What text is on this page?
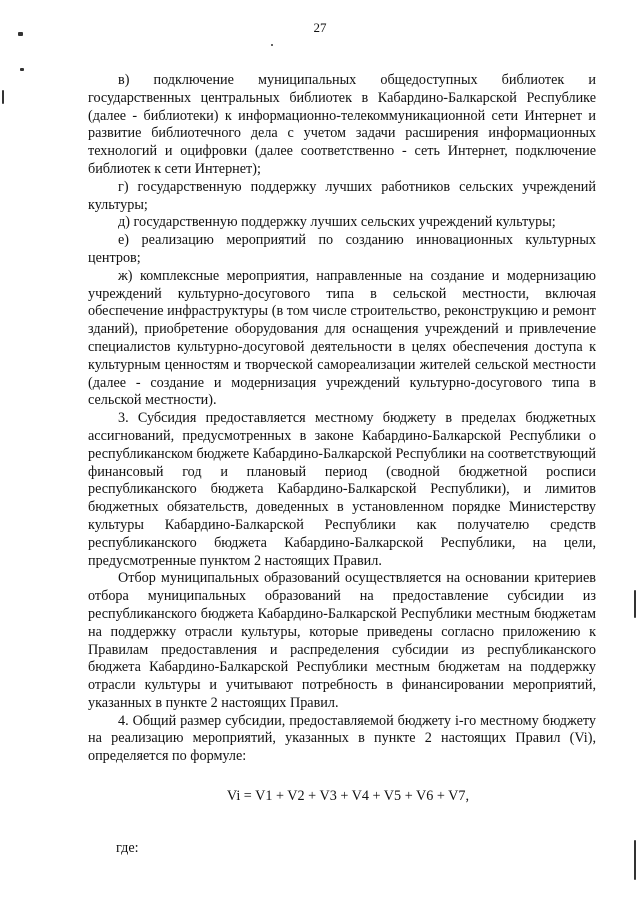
27

в) подключение муниципальных общедоступных библиотек и государственных центральных библиотек в Кабардино-Балкарской Республике (далее - библиотеки) к информационно-телекоммуникационной сети Интернет и развитие библиотечного дела с учетом задачи расширения информационных технологий и оцифровки (далее соответственно - сеть Интернет, подключение библиотек к сети Интернет);

г) государственную поддержку лучших работников сельских учреждений культуры;

д) государственную поддержку лучших сельских учреждений культуры;

е) реализацию мероприятий по созданию инновационных культурных центров;

ж) комплексные мероприятия, направленные на создание и модернизацию учреждений культурно-досугового типа в сельской местности, включая обеспечение инфраструктуры (в том числе строительство, реконструкцию и ремонт зданий), приобретение оборудования для оснащения учреждений и привлечение специалистов культурно-досуговой деятельности в целях обеспечения доступа к культурным ценностям и творческой самореализации жителей сельской местности (далее - создание и модернизация учреждений культурно-досугового типа в сельской местности).

3. Субсидия предоставляется местному бюджету в пределах бюджетных ассигнований, предусмотренных в законе Кабардино-Балкарской Республики о республиканском бюджете Кабардино-Балкарской Республики на соответствующий финансовый год и плановый период (сводной бюджетной росписи республиканского бюджета Кабардино-Балкарской Республики), и лимитов бюджетных обязательств, доведенных в установленном порядке Министерству культуры Кабардино-Балкарской Республики как получателю средств республиканского бюджета Кабардино-Балкарской Республики, на цели, предусмотренные пунктом 2 настоящих Правил.

Отбор муниципальных образований осуществляется на основании критериев отбора муниципальных образований на предоставление субсидии из республиканского бюджета Кабардино-Балкарской Республики местным бюджетам на поддержку отрасли культуры, которые приведены согласно приложению к Правилам предоставления и распределения субсидии из республиканского бюджета Кабардино-Балкарской Республики местным бюджетам на поддержку отрасли культуры и учитывают потребность в финансировании мероприятий, указанных в пункте 2 настоящих Правил.

4. Общий размер субсидии, предоставляемой бюджету i-го местному бюджету на реализацию мероприятий, указанных в пункте 2 настоящих Правил (Vi), определяется по формуле:

Vi = V1 + V2 + V3 + V4 + V5 + V6 + V7,
где:
